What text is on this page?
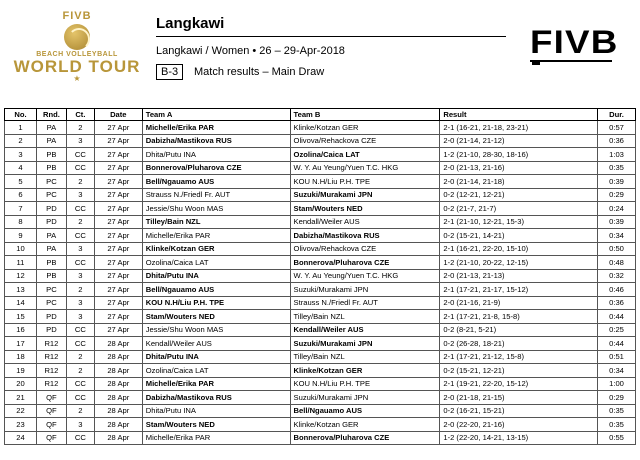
FIVB
BEACH VOLLEYBALL
WORLD TOUR
★
Langkawi
Langkawi / Women • 26 – 29-Apr-2018
B-3	Match results – Main Draw
FIVB
No.	Rnd.	Ct.	Date	Team A	Team B	Result	Dur.
1	PA	2	27 Apr	Michelle/Erika PAR	Klinke/Kotzan GER	2-1 (16-21, 21-18, 23-21)	0:57
2	PA	3	27 Apr	Dabizha/Mastikova RUS	Olivova/Rehackova CZE	2-0 (21-14, 21-12)	0:36
3	PB	CC	27 Apr	Dhita/Putu INA	Ozolina/Caica LAT	1-2 (21-10, 28-30, 18-16)	1:03
4	PB	CC	27 Apr	Bonnerova/Pluharova CZE	W. Y. Au Yeung/Yuen T.C. HKG	2-0 (21-13, 21-16)	0:35
5	PC	2	27 Apr	Bell/Ngauamo AUS	KOU N.H/Liu P.H. TPE	2-0 (21-14, 21-18)	0:39
6	PC	3	27 Apr	Strauss N./Friedl Fr. AUT	Suzuki/Murakami JPN	0-2 (12-21, 12-21)	0:29
7	PD	CC	27 Apr	Jessie/Shu Woon MAS	Stam/Wouters NED	0-2 (21-7, 21-7)	0:24
8	PD	2	27 Apr	Tilley/Bain NZL	Kendall/Weiler AUS	2-1 (21-10, 12-21, 15-3)	0:39
9	PA	CC	27 Apr	Michelle/Erika PAR	Dabizha/Mastikova RUS	0-2 (15-21, 14-21)	0:34
10	PA	3	27 Apr	Klinke/Kotzan GER	Olivova/Rehackova CZE	2-1 (16-21, 22-20, 15-10)	0:50
11	PB	CC	27 Apr	Ozolina/Caica LAT	Bonnerova/Pluharova CZE	1-2 (21-10, 20-22, 12-15)	0:48
12	PB	3	27 Apr	Dhita/Putu INA	W. Y. Au Yeung/Yuen T.C. HKG	2-0 (21-13, 21-13)	0:32
13	PC	2	27 Apr	Bell/Ngauamo AUS	Suzuki/Murakami JPN	2-1 (17-21, 21-17, 15-12)	0:46
14	PC	3	27 Apr	KOU N.H/Liu P.H. TPE	Strauss N./Friedl Fr. AUT	2-0 (21-16, 21-9)	0:36
15	PD	3	27 Apr	Stam/Wouters NED	Tilley/Bain NZL	2-1 (17-21, 21-8, 15-8)	0:44
16	PD	CC	27 Apr	Jessie/Shu Woon MAS	Kendall/Weiler AUS	0-2 (8-21, 5-21)	0:25
17	R12	CC	28 Apr	Kendall/Weiler AUS	Suzuki/Murakami JPN	0-2 (26-28, 18-21)	0:44
18	R12	2	28 Apr	Dhita/Putu INA	Tilley/Bain NZL	2-1 (17-21, 21-12, 15-8)	0:51
19	R12	2	28 Apr	Ozolina/Caica LAT	Klinke/Kotzan GER	0-2 (15-21, 12-21)	0:34
20	R12	CC	28 Apr	Michelle/Erika PAR	KOU N.H/Liu P.H. TPE	2-1 (19-21, 22-20, 15-12)	1:00
21	QF	CC	28 Apr	Dabizha/Mastikova RUS	Suzuki/Murakami JPN	2-0 (21-18, 21-15)	0:29
22	QF	2	28 Apr	Dhita/Putu INA	Bell/Ngauamo AUS	0-2 (16-21, 15-21)	0:35
23	QF	3	28 Apr	Stam/Wouters NED	Klinke/Kotzan GER	2-0 (22-20, 21-16)	0:35
24	QF	CC	28 Apr	Michelle/Erika PAR	Bonnerova/Pluharova CZE	1-2 (22-20, 14-21, 13-15)	0:55
